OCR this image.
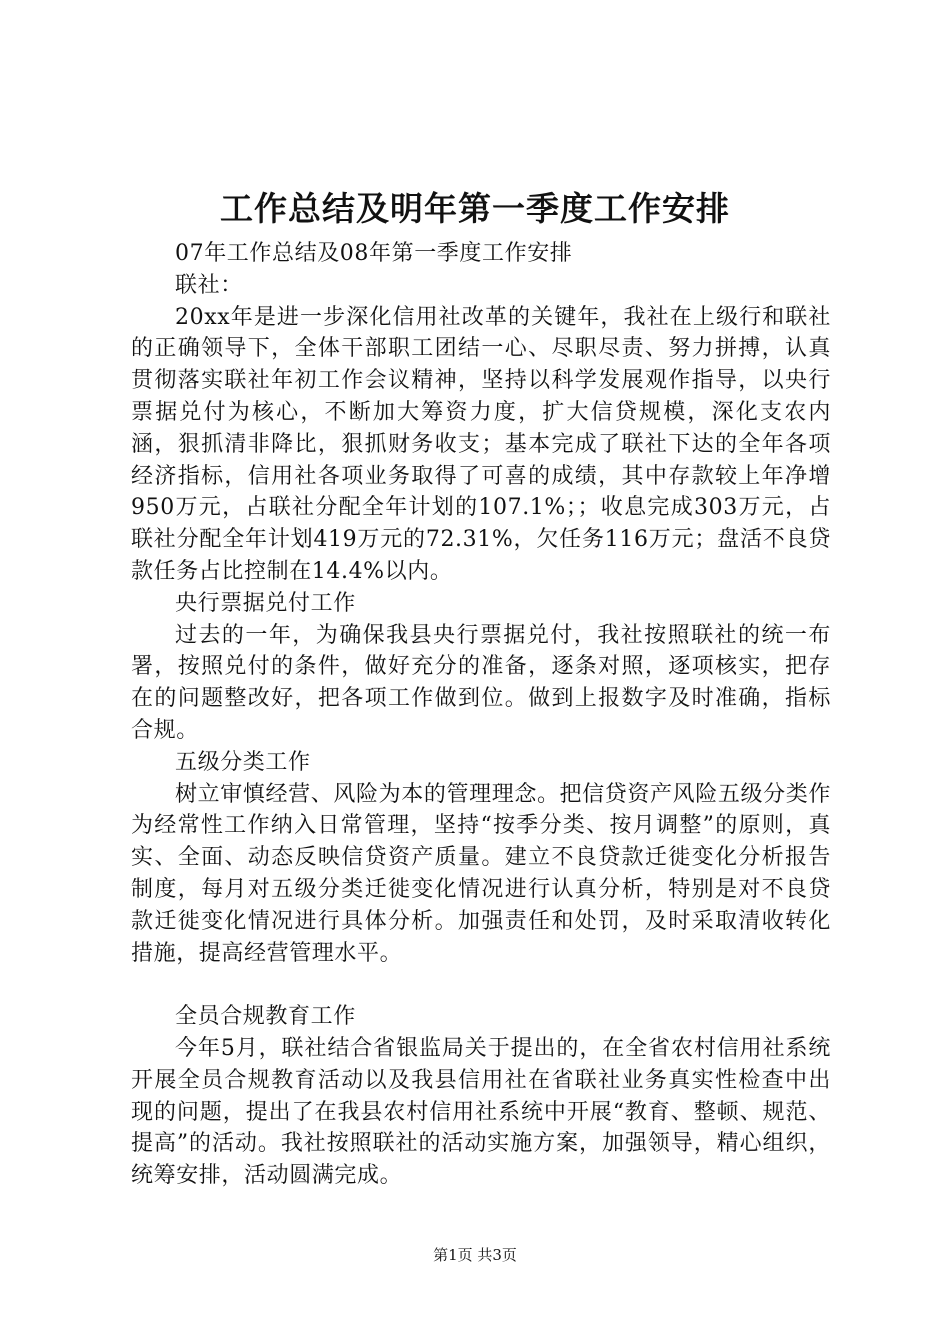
工作总结及明年第一季度工作安排

07年工作总结及08年第一季度工作安排

联社：

20xx年是进一步深化信用社改革的关键年，我社在上级行和联社的正确领导下，全体干部职工团结一心、尽职尽责、努力拼搏，认真贯彻落实联社年初工作会议精神，坚持以科学发展观作指导，以央行票据兑付为核心，不断加大筹资力度，扩大信贷规模，深化支农内涵，狠抓清非降比，狠抓财务收支；基本完成了联社下达的全年各项经济指标，信用社各项业务取得了可喜的成绩，其中存款较上年净增950万元，占联社分配全年计划的107.1%；；收息完成303万元，占联社分配全年计划419万元的72.31%，欠任务116万元；盘活不良贷款任务占比控制在14.4%以内。

央行票据兑付工作

过去的一年，为确保我县央行票据兑付，我社按照联社的统一布署，按照兑付的条件，做好充分的准备，逐条对照，逐项核实，把存在的问题整改好，把各项工作做到位。做到上报数字及时准确，指标合规。

五级分类工作

树立审慎经营、风险为本的管理理念。把信贷资产风险五级分类作为经常性工作纳入日常管理，坚持“按季分类、按月调整”的原则，真实、全面、动态反映信贷资产质量。建立不良贷款迁徙变化分析报告制度，每月对五级分类迁徙变化情况进行认真分析，特别是对不良贷款迁徙变化情况进行具体分析。加强责任和处罚，及时采取清收转化措施，提高经营管理水平。

全员合规教育工作

今年5月，联社结合省银监局关于提出的，在全省农村信用社系统开展全员合规教育活动以及我县信用社在省联社业务真实性检查中出现的问题，提出了在我县农村信用社系统中开展“教育、整顿、规范、提高”的活动。我社按照联社的活动实施方案，加强领导，精心组织，统筹安排，活动圆满完成。

第1页 共3页
